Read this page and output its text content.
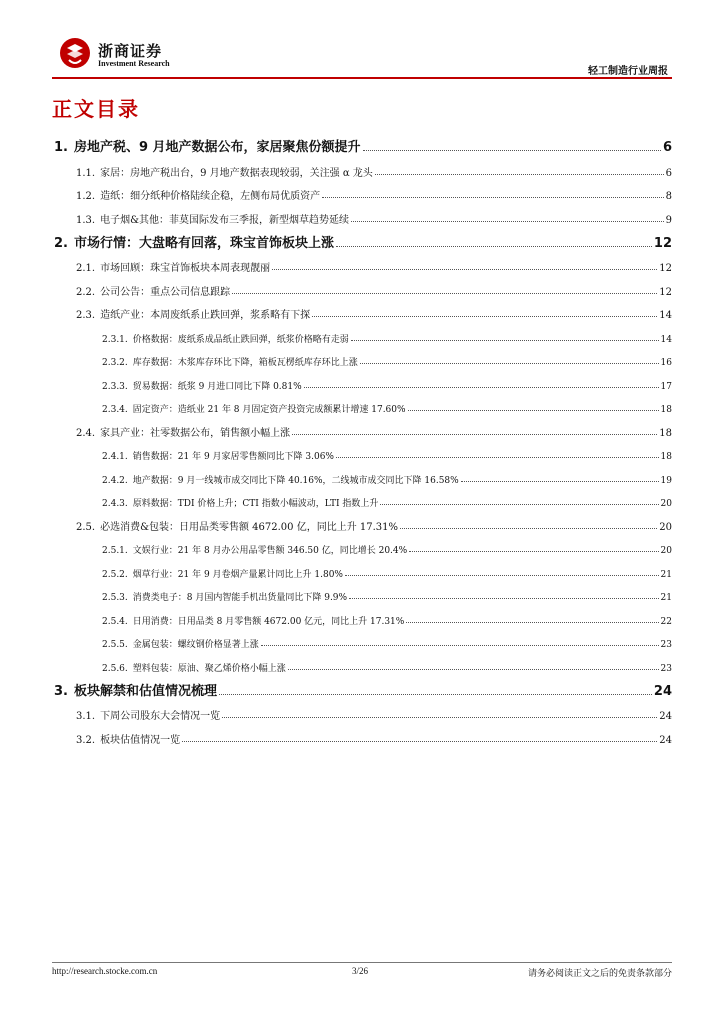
浙商证券
Investment Research
轻工制造行业周报
正文目录
1. 房地产税、9 月地产数据公布，家居聚焦份额提升	6
1.1. 家居：房地产税出台，9 月地产数据表现较弱，关注强 α 龙头	6
1.2. 造纸：细分纸种价格陆续企稳，左侧布局优质资产	8
1.3. 电子烟&其他：菲莫国际发布三季报，新型烟草趋势延续	9
2. 市场行情：大盘略有回落，珠宝首饰板块上涨	12
2.1. 市场回顾：珠宝首饰板块本周表现靓丽	12
2.2. 公司公告：重点公司信息跟踪	12
2.3. 造纸产业：本周废纸系止跌回弹，浆系略有下探	14
2.3.1. 价格数据：废纸系成品纸止跌回弹，纸浆价格略有走弱	14
2.3.2. 库存数据：木浆库存环比下降，箱板瓦楞纸库存环比上涨	16
2.3.3. 贸易数据：纸浆 9 月进口同比下降 0.81%	17
2.3.4. 固定资产：造纸业 21 年 8 月固定资产投资完成额累计增速 17.60%	18
2.4. 家具产业：社零数据公布，销售额小幅上涨	18
2.4.1. 销售数据：21 年 9 月家居零售额同比下降 3.06%	18
2.4.2. 地产数据：9 月一线城市成交同比下降 40.16%，二线城市成交同比下降 16.58%	19
2.4.3. 原料数据：TDI 价格上升；CTI 指数小幅波动，LTI 指数上升	20
2.5. 必选消费&包装：日用品类零售额 4672.00 亿，同比上升 17.31%	20
2.5.1. 文娱行业：21 年 8 月办公用品零售额 346.50 亿，同比增长 20.4%	20
2.5.2. 烟草行业：21 年 9 月卷烟产量累计同比上升 1.80%	21
2.5.3. 消费类电子：8 月国内智能手机出货量同比下降 9.9%	21
2.5.4. 日用消费：日用品类 8 月零售额 4672.00 亿元，同比上升 17.31%	22
2.5.5. 金属包装：螺纹钢价格显著上涨	23
2.5.6. 塑料包装：原油、聚乙烯价格小幅上涨	23
3. 板块解禁和估值情况梳理	24
3.1. 下周公司股东大会情况一览	24
3.2. 板块估值情况一览	24
http://research.stocke.com.cn	3/26	请务必阅读正文之后的免责条款部分
